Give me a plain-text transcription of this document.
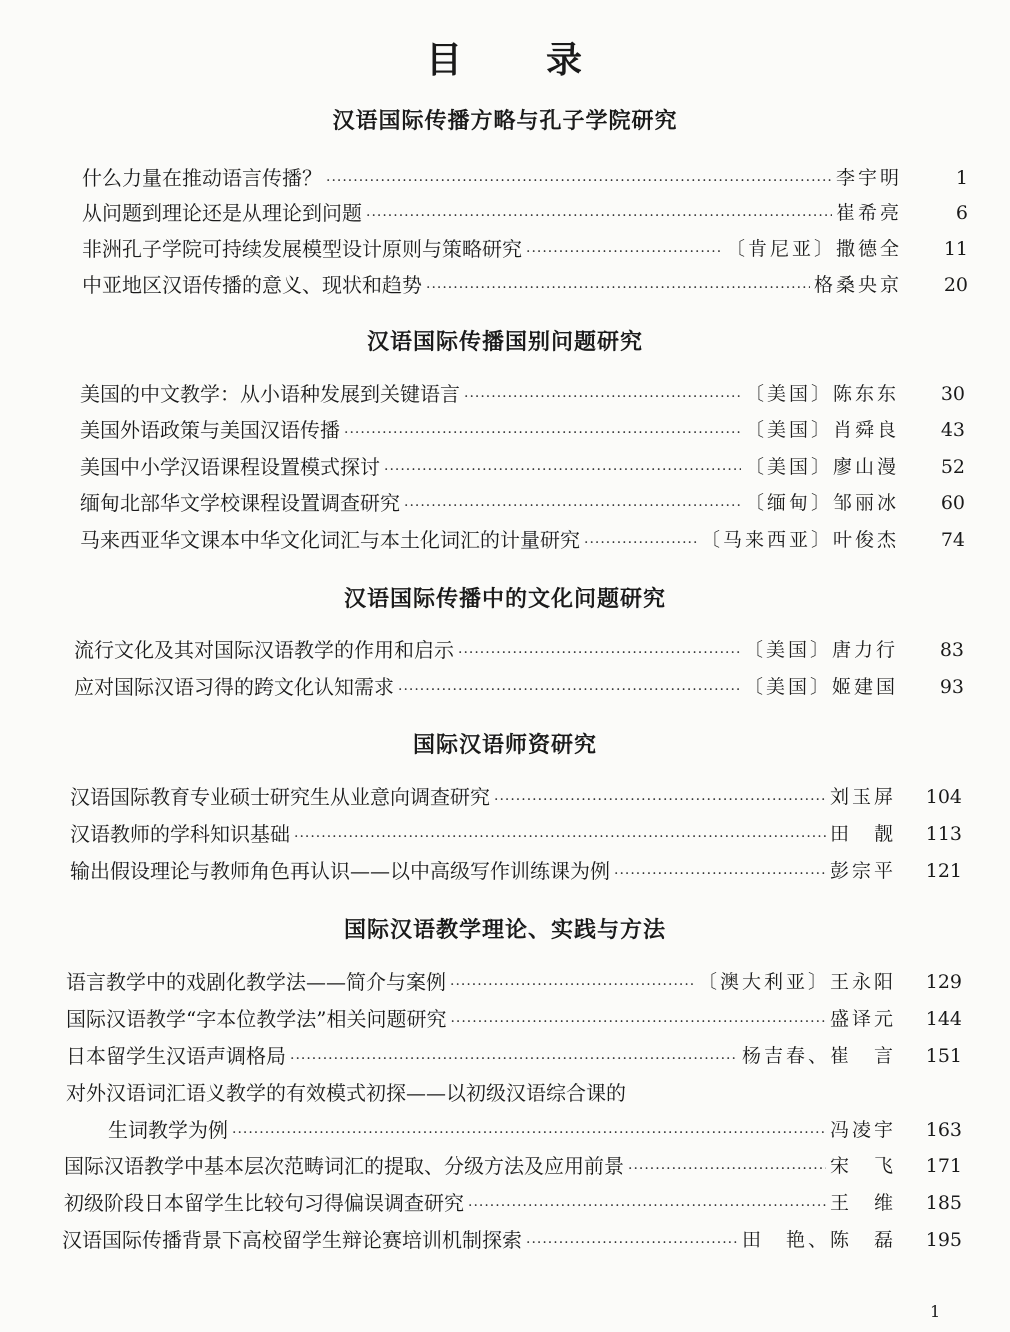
目 录
汉语国际传播方略与孔子学院研究
什么力量在推动语言传播？ ·····	李宇明	1
从问题到理论还是从理论到问题 ·····	崔希亮	6
非洲孔子学院可持续发展模型设计原则与策略研究 ·····	〔肯尼亚〕撒德全	11
中亚地区汉语传播的意义、现状和趋势 ·····	格桑央京	20
汉语国际传播国别问题研究
美国的中文教学：从小语种发展到关键语言 ·····	〔美国〕陈东东	30
美国外语政策与美国汉语传播 ·····	〔美国〕肖舜良	43
美国中小学汉语课程设置模式探讨 ·····	〔美国〕廖山漫	52
缅甸北部华文学校课程设置调查研究 ·····	〔缅甸〕邹丽冰	60
马来西亚华文课本中华文化词汇与本土化词汇的计量研究 ·····	〔马来西亚〕叶俊杰	74
汉语国际传播中的文化问题研究
流行文化及其对国际汉语教学的作用和启示 ·····	〔美国〕唐力行	83
应对国际汉语习得的跨文化认知需求 ·····	〔美国〕姬建国	93
国际汉语师资研究
汉语国际教育专业硕士研究生从业意向调查研究 ·····	刘玉屏	104
汉语教师的学科知识基础 ·····	田　靓	113
输出假设理论与教师角色再认识——以中高级写作训练课为例 ·····	彭宗平	121
国际汉语教学理论、实践与方法
语言教学中的戏剧化教学法——简介与案例 ·····	〔澳大利亚〕王永阳	129
国际汉语教学“字本位教学法”相关问题研究 ·····	盛译元	144
日本留学生汉语声调格局 ·····	杨吉春、崔　言	151
对外汉语词汇语义教学的有效模式初探——以初级汉语综合课的
生词教学为例 ·····	冯凌宇	163
国际汉语教学中基本层次范畴词汇的提取、分级方法及应用前景 ·····	宋　飞	171
初级阶段日本留学生比较句习得偏误调查研究 ·····	王　维	185
汉语国际传播背景下高校留学生辩论赛培训机制探索 ·····	田　艳、陈　磊	195
1
